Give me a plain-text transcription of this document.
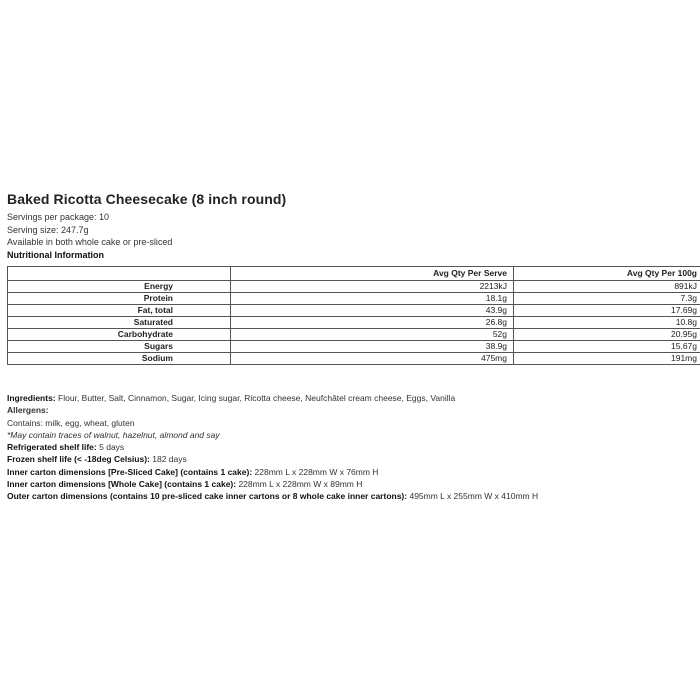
Baked Ricotta Cheesecake (8 inch round)

Servings per package: 10

Serving size: 247.7g

Available in both whole cake or pre-sliced

Nutritional Information

	Avg Qty Per Serve	Avg Qty Per 100g
Energy	2213kJ	891kJ
Protein	18.1g	7.3g
Fat, total	43.9g	17.69g
Saturated	26.8g	10.8g
Carbohydrate	52g	20.95g
Sugars	38.9g	15.67g
Sodium	475mg	191mg

Ingredients: Flour, Butter, Salt, Cinnamon, Sugar, Icing sugar, Ricotta cheese, Neufchâtel cream cheese, Eggs, Vanilla

Allergens:

Contains: milk, egg, wheat, gluten

*May contain traces of walnut, hazelnut, almond and say

Refrigerated shelf life: 5 days

Frozen shelf life (< -18deg Celsius): 182 days

Inner carton dimensions [Pre-Sliced Cake] (contains 1 cake): 228mm L x 228mm W x 76mm H

Inner carton dimensions [Whole Cake] (contains 1 cake): 228mm L x 228mm W x 89mm H

Outer carton dimensions (contains 10 pre-sliced cake inner cartons or 8 whole cake inner cartons): 495mm L x 255mm W x 410mm H
